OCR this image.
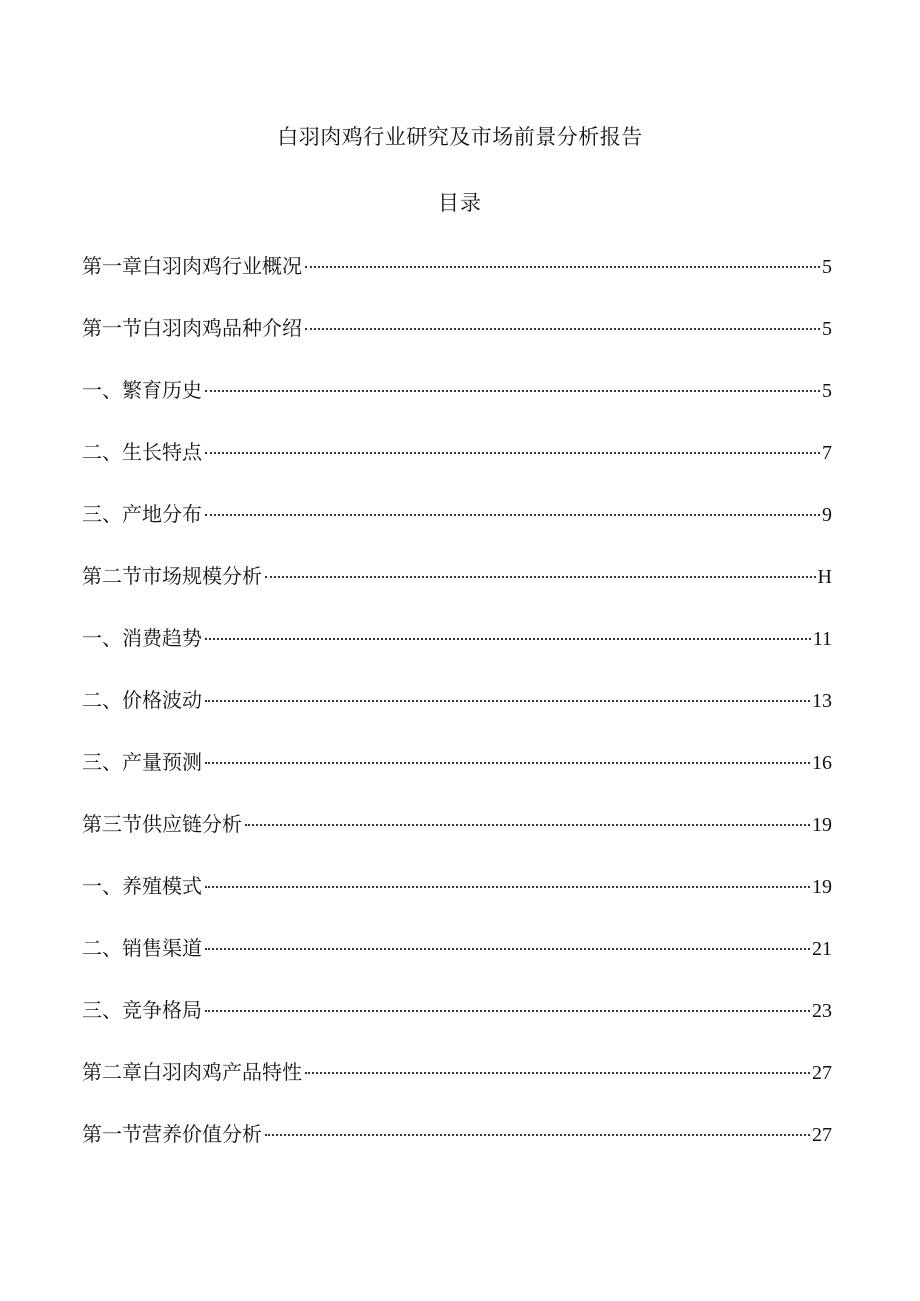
白羽肉鸡行业研究及市场前景分析报告
目录
第一章白羽肉鸡行业概况	5
第一节白羽肉鸡品种介绍	5
一、繁育历史	5
二、生长特点	7
三、产地分布	9
第二节市场规模分析	H
一、消费趋势	11
二、价格波动	13
三、产量预测	16
第三节供应链分析	19
一、养殖模式	19
二、销售渠道	21
三、竞争格局	23
第二章白羽肉鸡产品特性	27
第一节营养价值分析	27
